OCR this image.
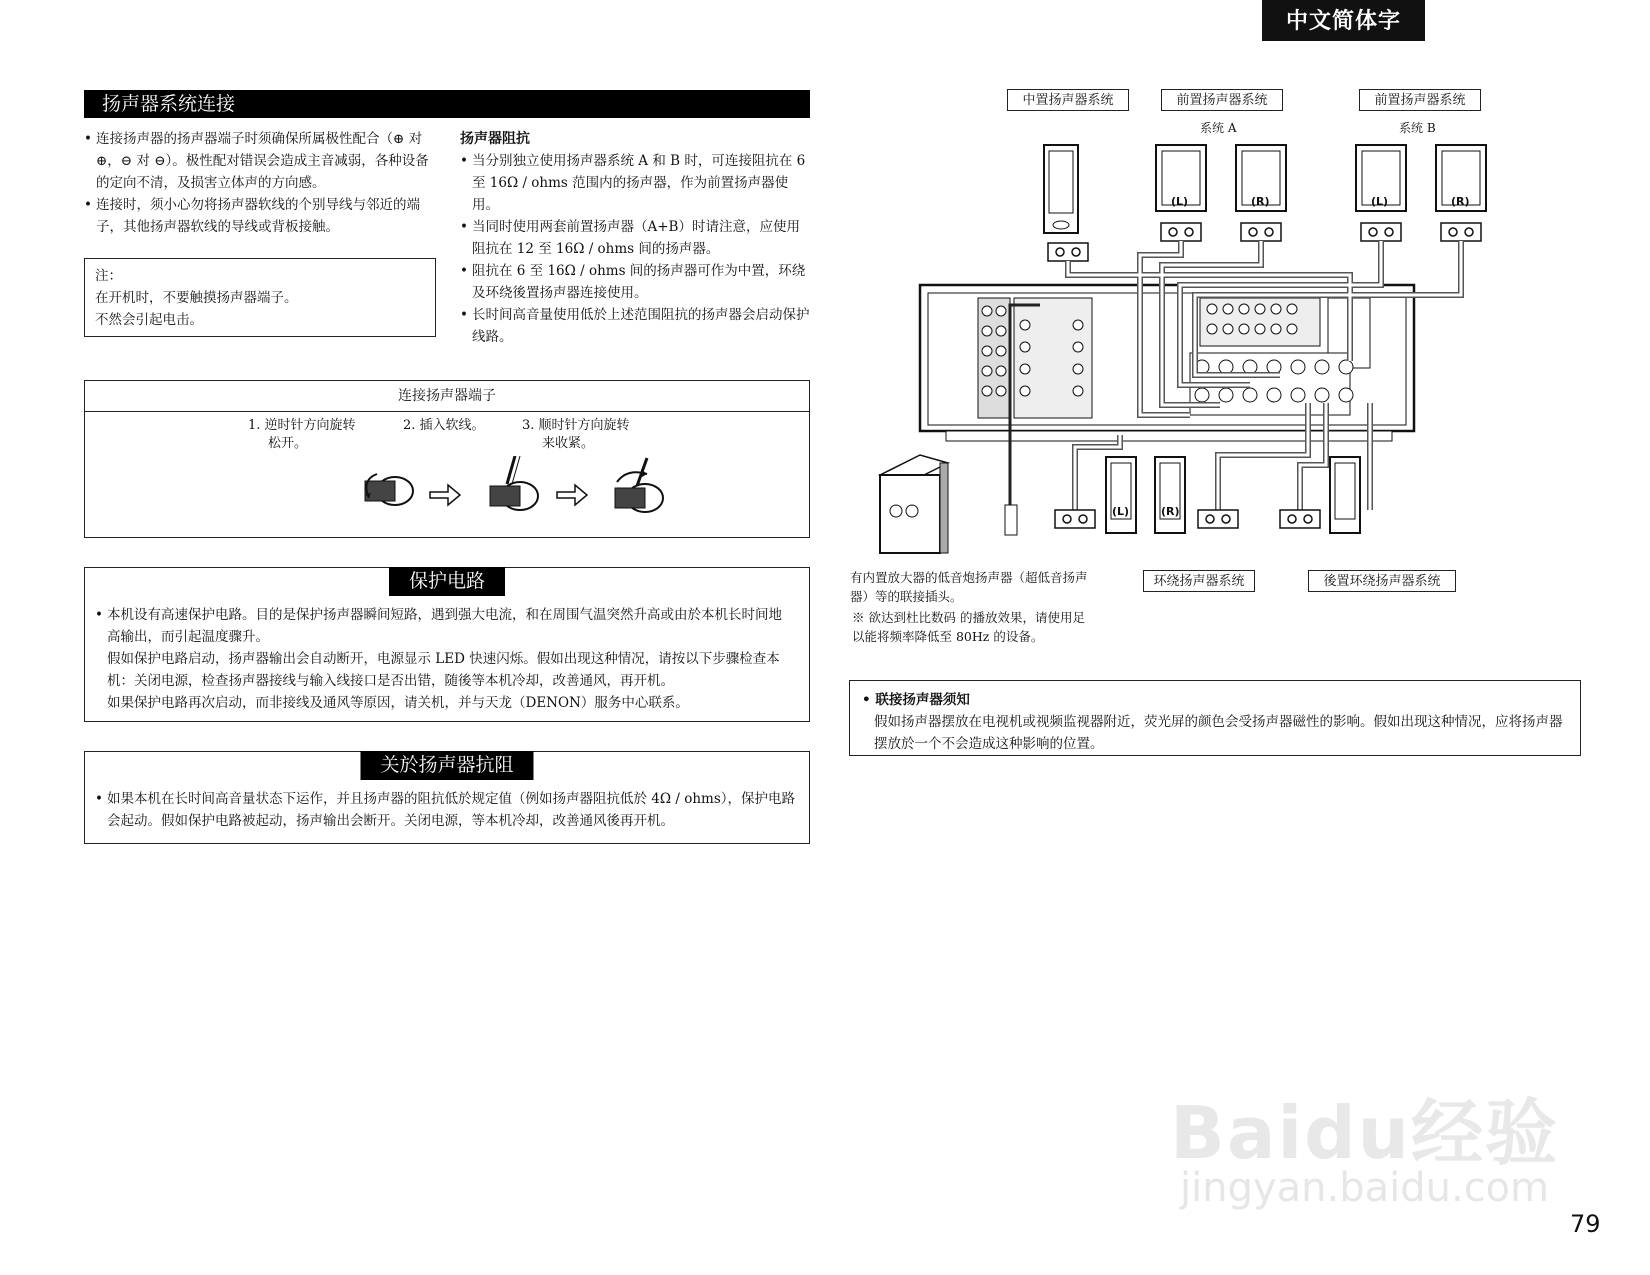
中文简体字
扬声器系统连接
• 连接扬声器的扬声器端子时须确保所属极性配合（⊕ 对 ⊕，⊖ 对 ⊖）。极性配对错误会造成主音减弱，各种设备的定向不清，及损害立体声的方向感。
• 连接时，须小心勿将扬声器软线的个别导线与邻近的端子，其他扬声器软线的导线或背板接触。
注：
在开机时，不要触摸扬声器端子。
不然会引起电击。
扬声器阻抗
• 当分别独立使用扬声器系统 A 和 B 时，可连接阻抗在 6 至 16Ω / ohms 范围内的扬声器，作为前置扬声器使用。
• 当同时使用两套前置扬声器（A+B）时请注意，应使用阻抗在 12 至 16Ω / ohms 间的扬声器。
• 阻抗在 6 至 16Ω / ohms 间的扬声器可作为中置，环绕及环绕後置扬声器连接使用。
• 长时间高音量使用低於上述范围阻抗的扬声器会启动保护线路。
连接扬声器端子
1. 逆时针方向旋转
松开。
2. 插入软线。	3. 顺时针方向旋转
来收紧。
保护电路
• 本机设有高速保护电路。目的是保护扬声器瞬间短路，遇到强大电流，和在周围气温突然升高或由於本机长时间地高输出，而引起温度骤升。
假如保护电路启动，扬声器输出会自动断开，电源显示 LED 快速闪烁。假如出现这种情况，请按以下步骤检查本机：关闭电源，检查扬声器接线与输入线接口是否出错，随後等本机冷却，改善通风，再开机。
如果保护电路再次启动，而非接线及通风等原因，请关机，并与天龙（DENON）服务中心联系。
关於扬声器抗阻
• 如果本机在长时间高音量状态下运作，并且扬声器的阻抗低於规定值（例如扬声器阻抗低於 4Ω / ohms），保护电路会起动。假如保护电路被起动，扬声输出会断开。关闭电源，等本机冷却，改善通风後再开机。
中置扬声器系统	前置扬声器系统
系统 A
前置扬声器系统
系统 B
(L)	(R)	(L)	(R)
(L)	(R)
环绕扬声器系统	後置环绕扬声器系统
有内置放大器的低音炮扬声器（超低音扬声器）等的联接插头。
※ 欲达到杜比数码 的播放效果，请使用足以能将频率降低至 80Hz 的设备。
• 联接扬声器须知
假如扬声器摆放在电视机或视频监视器附近，荧光屏的颜色会受扬声器磁性的影响。假如出现这种情况，应将扬声器摆放於一个不会造成这种影响的位置。
Baidu经验
jingyan.baidu.com
79
